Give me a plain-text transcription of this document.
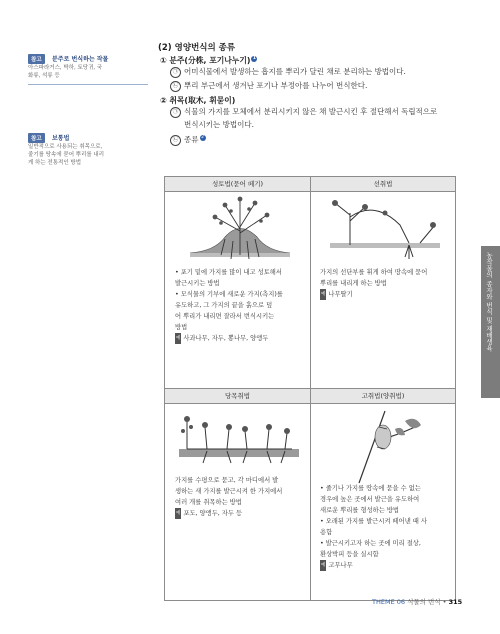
참고	분주로 번식하는 작물
아스파라거스, 박하, 토당귀, 국
화류, 석류 등
참고	보통법
일반적으로 사용되는 취목으로,
줄기를 땅속에 묻어 뿌리를 내리
게 하는 전통적인 방법
(2) 영양번식의 종류
① 분주(分株, 포기나누기) 1
㉠ 어미식물에서 발생하는 흡지를 뿌리가 달린 채로 분리하는 방법이다.
㉡ 뿌리 부근에서 생겨난 포기나 부정아를 나누어 번식한다.
② 취목(取木, 휘묻이)
㉠ 식물의 가지를 모체에서 분리시키지 않은 채 발근시킨 후 절단해서 독립적으로
번식시키는 방법이다.
㉡ 종류 2
성토법(묻어 떼기)	선취법
• 포기 밑에 가지를 많이 내고 성토해서
발근시키는 방법
• 모식물의 기부에 새로운 가지(측지)를
유도하고, 그 가지의 끝을 흙으로 덮
어 뿌리가 내리면 잘라서 번식시키는
방법
예 사과나무, 자두, 뽕나무, 양앵두
가지의 선단부를 휘게 하여 땅속에 묻어
뿌리를 내리게 하는 방법
예 나무딸기
당목취법	고취법(양취법)
가지를 수평으로 묻고, 각 마디에서 발
생하는 새 가지를 발근시켜 한 가지에서
여러 개를 취목하는 방법
예 포도, 양앵두, 자두 등
• 줄기나 가지를 땅속에 묻을 수 없는
경우에 높은 곳에서 발근을 유도하여
새로운 뿌리를 형성하는 방법
• 오래된 가지를 발근시켜 떼어낸 때 사
용함
• 발근시키고자 하는 곳에 미리 절상,
환상박피 등을 실시함
예 고무나무
농작물의 종자와 번식 및 재배생육
THEME 06 식물의 번식 • 315
